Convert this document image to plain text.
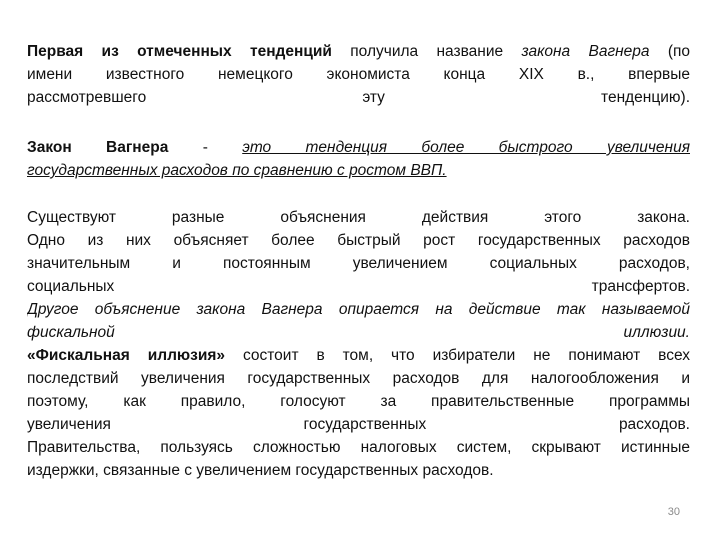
Первая из отмеченных тенденций получила название закона Вагнера (по
имени известного немецкого экономиста конца XIX в., впервые
рассмотревшего эту тенденцию).
Закон Вагнера - это тенденция более быстрого увеличения
государственных расходов по сравнению с ростом ВВП.
Существуют разные объяснения действия этого закона.
Одно из них объясняет более быстрый рост государственных расходов
значительным и постоянным увеличением социальных расходов,
социальных трансфертов.
Другое объяснение закона Вагнера опирается на действие так называемой
фискальной иллюзии.
«Фискальная иллюзия» состоит в том, что избиратели не понимают всех
последствий увеличения государственных расходов для налогообложения и
поэтому, как правило, голосуют за правительственные программы
увеличения государственных расходов.
Правительства, пользуясь сложностью налоговых систем, скрывают истинные
издержки, связанные с увеличением государственных расходов.
30
